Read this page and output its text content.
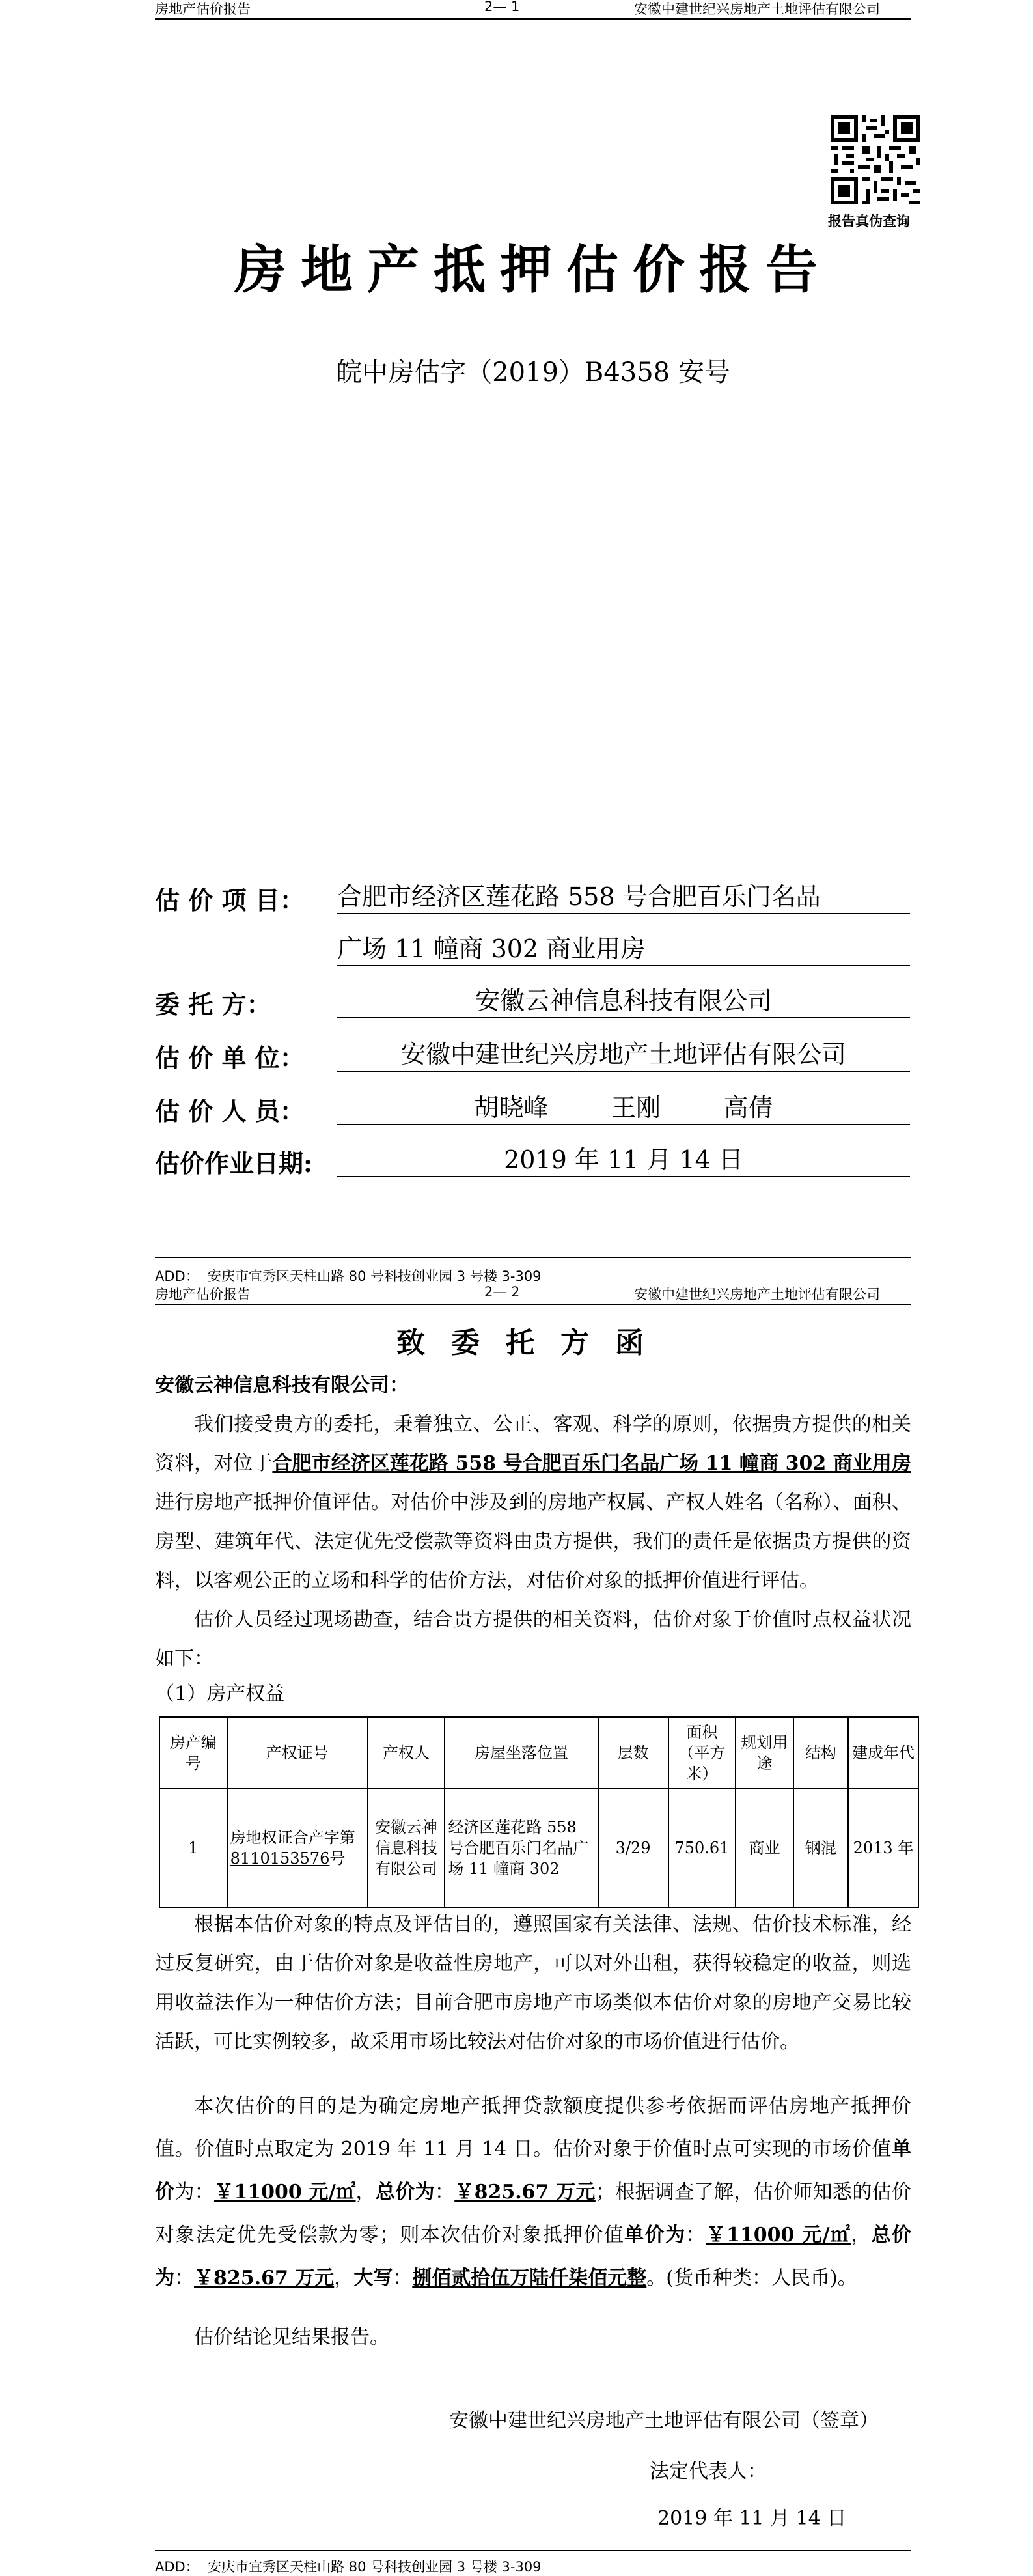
房地产估价报告	2— 1	安徽中建世纪兴房地产土地评估有限公司
报告真伪查询
房地产抵押估价报告
皖中房估字（2019）B4358 安号
估 价 项 目： 合肥市经济区莲花路 558 号合肥百乐门名品
广场 11 幢商 302 商业用房
委 托 方：	安徽云神信息科技有限公司
估 价 单 位：	安徽中建世纪兴房地产土地评估有限公司
估 价 人 员：	胡晓峰        王刚        高倩
估价作业日期:	2019 年 11 月 14 日
ADD：  安庆市宜秀区天柱山路 80 号科技创业园 3 号楼 3-309
房地产估价报告	2— 2	安徽中建世纪兴房地产土地评估有限公司
致委托方函
安徽云神信息科技有限公司：
我们接受贵方的委托，秉着独立、公正、客观、科学的原则，依据贵方提供的相关资料，对位于合肥市经济区莲花路 558 号合肥百乐门名品广场 11 幢商 302 商业用房进行房地产抵押价值评估。对估价中涉及到的房地产权属、产权人姓名（名称）、面积、房型、建筑年代、法定优先受偿款等资料由贵方提供，我们的责任是依据贵方提供的资料，以客观公正的立场和科学的估价方法，对估价对象的抵押价值进行评估。
估价人员经过现场勘查，结合贵方提供的相关资料，估价对象于价值时点权益状况如下：
（1）房产权益
房产编号	产权证号	产权人	房屋坐落位置	层数	面积（平方米）	规划用途	结构	建成年代
1	房地权证合产字第8110153576号	安徽云神信息科技有限公司	经济区莲花路 558 号合肥百乐门名品广场 11 幢商 302	3/29	750.61	商业	钢混	2013 年
根据本估价对象的特点及评估目的，遵照国家有关法律、法规、估价技术标准，经过反复研究，由于估价对象是收益性房地产，可以对外出租，获得较稳定的收益，则选用收益法作为一种估价方法；目前合肥市房地产市场类似本估价对象的房地产交易比较活跃，可比实例较多，故采用市场比较法对估价对象的市场价值进行估价。
本次估价的目的是为确定房地产抵押贷款额度提供参考依据而评估房地产抵押价值。价值时点取定为 2019 年 11 月 14 日。估价对象于价值时点可实现的市场价值单价为：￥11000 元/㎡，总价为：￥825.67 万元；根据调查了解，估价师知悉的估价对象法定优先受偿款为零；则本次估价对象抵押价值单价为：￥11000 元/㎡，总价为：￥825.67 万元，大写：捌佰贰拾伍万陆仟柒佰元整。(货币种类：人民币)。
估价结论见结果报告。
安徽中建世纪兴房地产土地评估有限公司（签章）
法定代表人：
2019 年 11 月 14 日
ADD：  安庆市宜秀区天柱山路 80 号科技创业园 3 号楼 3-309
